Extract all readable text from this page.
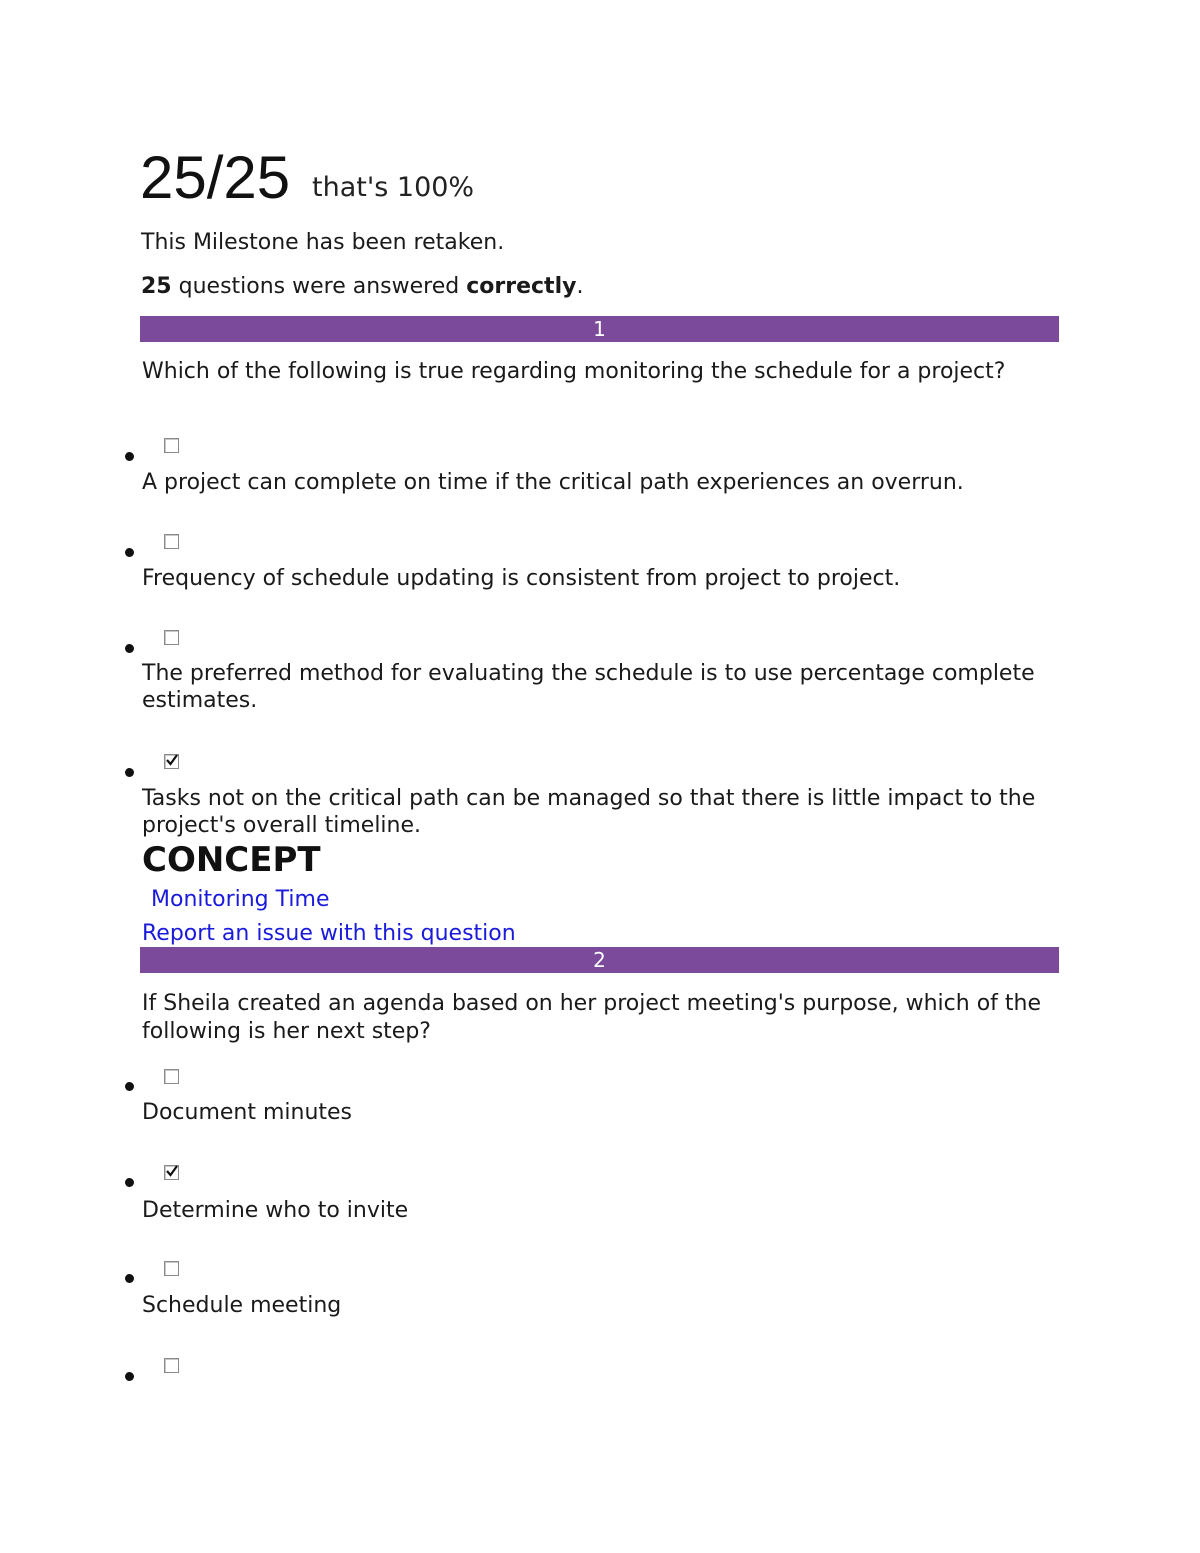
25/25 that's 100%
This Milestone has been retaken.
25 questions were answered correctly.
1
Which of the following is true regarding monitoring the schedule for a project?
A project can complete on time if the critical path experiences an overrun.
Frequency of schedule updating is consistent from project to project.
The preferred method for evaluating the schedule is to use percentage complete estimates.
Tasks not on the critical path can be managed so that there is little impact to the project's overall timeline.
CONCEPT
Monitoring Time
Report an issue with this question
2
If Sheila created an agenda based on her project meeting's purpose, which of the following is her next step?
Document minutes
Determine who to invite
Schedule meeting
